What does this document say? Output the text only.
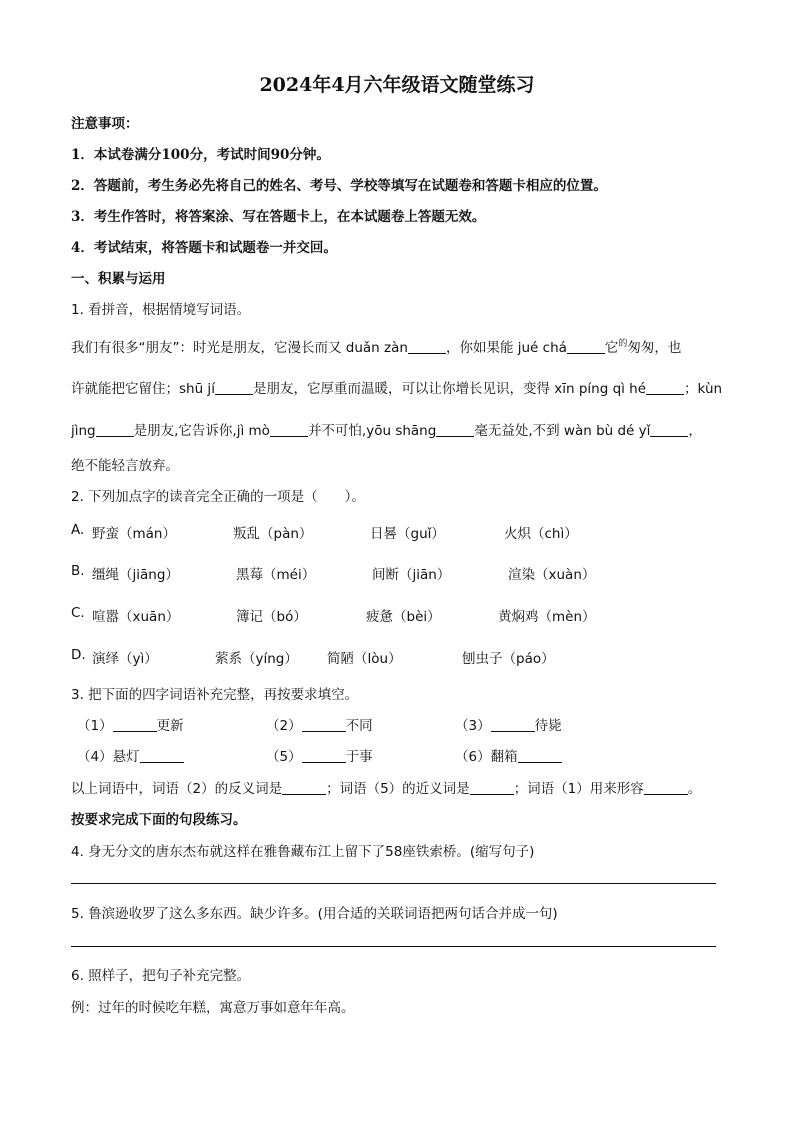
2024年4月六年级语文随堂练习
注意事项：
1．本试卷满分100分，考试时间90分钟。
2．答题前，考生务必先将自己的姓名、考号、学校等填写在试题卷和答题卡相应的位置。
3．考生作答时，将答案涂、写在答题卡上，在本试题卷上答题无效。
4．考试结束，将答题卡和试题卷一并交回。
一、积累与运用
1. 看拼音，根据情境写词语。
我们有很多“朋友”：时光是朋友，它漫长而又 duǎn zàn	，你如果能 jué chá	它$^的$匆匆，也
许就能把它留住；shū jí	是朋友，它厚重而温暖，可以让你增长见识，变得 xīn píng qì hé	；kùn
jìng	是朋友,它告诉你,jì mò	并不可怕,yōu shāng	毫无益处,不到 wàn bù dé yǐ	，
绝不能轻言放弃。
2. 下列加点字的读音完全正确的一项是（　　）。
A. 野蛮（mán）	叛乱（pàn）	日晷（guǐ）	火炽（chì）
B. 缰绳（jiāng）	黑莓（méi）	间断（jiān）	渲染（xuàn）
C. 喧嚣（xuān）	簿记（bó）	疲惫（bèi）	黄焖鸡（mèn）
D. 演绎（yì）	萦系（yíng） 简陋（lòu）	刨虫子（páo）
3. 把下面的四字词语补充完整，再按要求填空。
（1）	更新	（2）	不同	（3）	待毙
（4）悬灯	（5）	于事	（6）翻箱
以上词语中，词语（2）的反义词是	；词语（5）的近义词是	；词语（1）用来形容	。
按要求完成下面的句段练习。
4. 身无分文的唐东杰布就这样在雅鲁藏布江上留下了58座铁索桥。(缩写句子)
5. 鲁滨逊收罗了这么多东西。缺少许多。(用合适的关联词语把两句话合并成一句)
6. 照样子，把句子补充完整。
例：过年的时候吃年糕，寓意万事如意年年高。
